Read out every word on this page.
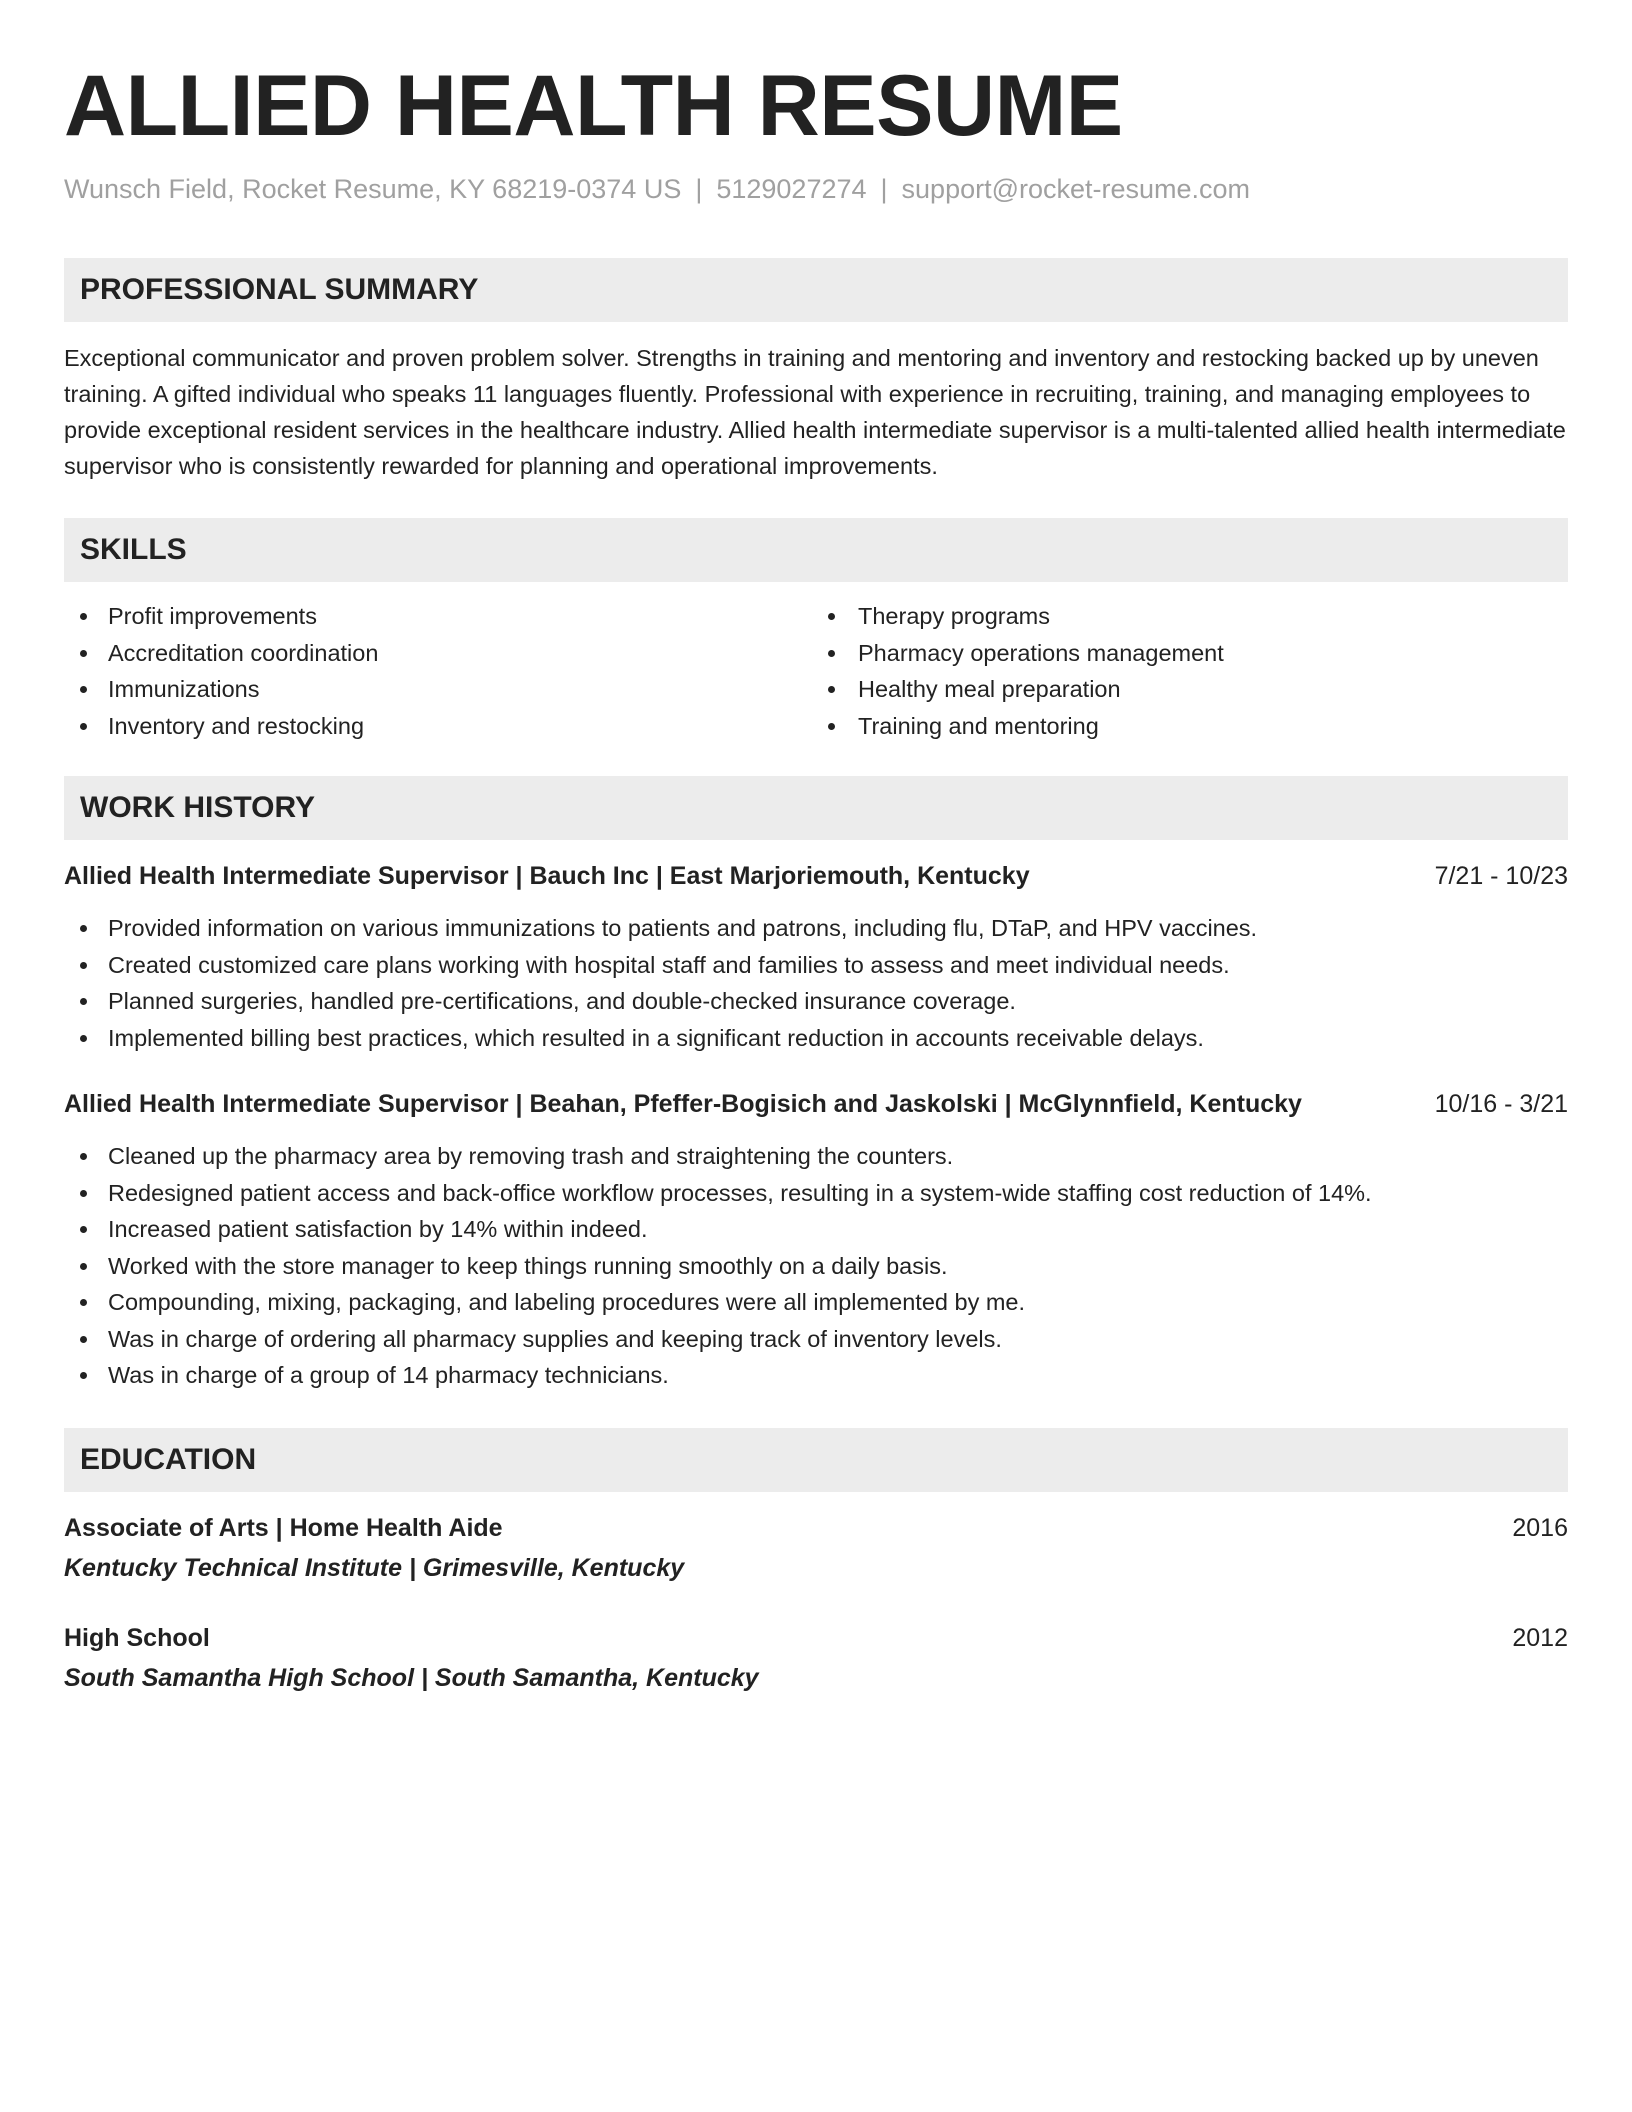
ALLIED HEALTH RESUME
Wunsch Field, Rocket Resume, KY 68219-0374 US | 5129027274 | support@rocket-resume.com
PROFESSIONAL SUMMARY

Exceptional communicator and proven problem solver. Strengths in training and mentoring and inventory and restocking backed up by uneven training. A gifted individual who speaks 11 languages fluently. Professional with experience in recruiting, training, and managing employees to provide exceptional resident services in the healthcare industry. Allied health intermediate supervisor is a multi-talented allied health intermediate supervisor who is consistently rewarded for planning and operational improvements.

SKILLS
Profit improvements
Accreditation coordination
Immunizations
Inventory and restocking
Therapy programs
Pharmacy operations management
Healthy meal preparation
Training and mentoring
WORK HISTORY
Allied Health Intermediate Supervisor | Bauch Inc | East Marjoriemouth, Kentucky	7/21 - 10/23
Provided information on various immunizations to patients and patrons, including flu, DTaP, and HPV vaccines.
Created customized care plans working with hospital staff and families to assess and meet individual needs.
Planned surgeries, handled pre-certifications, and double-checked insurance coverage.
Implemented billing best practices, which resulted in a significant reduction in accounts receivable delays.
Allied Health Intermediate Supervisor | Beahan, Pfeffer-Bogisich and Jaskolski | McGlynnfield, Kentucky	10/16 - 3/21
Cleaned up the pharmacy area by removing trash and straightening the counters.
Redesigned patient access and back-office workflow processes, resulting in a system-wide staffing cost reduction of 14%.
Increased patient satisfaction by 14% within indeed.
Worked with the store manager to keep things running smoothly on a daily basis.
Compounding, mixing, packaging, and labeling procedures were all implemented by me.
Was in charge of ordering all pharmacy supplies and keeping track of inventory levels.
Was in charge of a group of 14 pharmacy technicians.
EDUCATION
Associate of Arts | Home Health Aide	2016
Kentucky Technical Institute | Grimesville, Kentucky
High School	2012
South Samantha High School | South Samantha, Kentucky
